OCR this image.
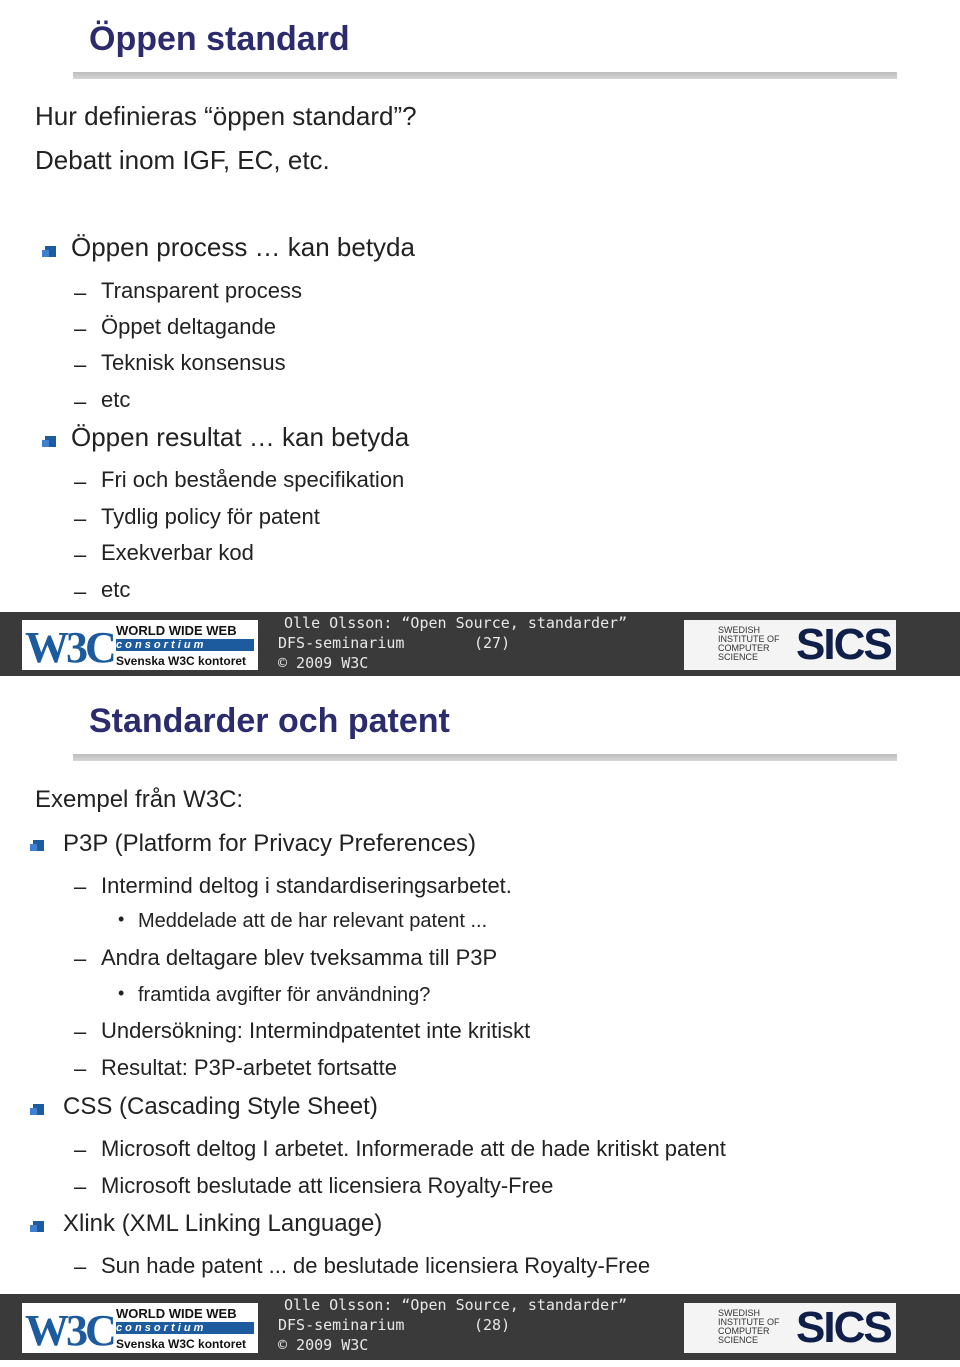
Öppen standard
Hur definieras “öppen standard”?
Debatt inom IGF, EC, etc.
Öppen process … kan betyda
– Transparent process
– Öppet deltagande
– Teknisk konsensus
– etc
Öppen resultat … kan betyda
– Fri och bestående specifikation
– Tydlig policy för patent
– Exekverbar kod
– etc
W3C WORLD WIDE WEB
c o n s o r t i u m
Svenska W3C kontoret
Olle Olsson: “Open Source, standarder”
DFS-seminarium	(27)
© 2009 W3C
SWEDISH
INSTITUTE OF
COMPUTER
SCIENCE SICS
Standarder och patent
Exempel från W3C:
P3P (Platform for Privacy Preferences)
– Intermind deltog i standardiseringsarbetet.
• Meddelade att de har relevant patent ...
– Andra deltagare blev tveksamma till P3P
• framtida avgifter för användning?
– Undersökning: Intermindpatentet inte kritiskt
– Resultat: P3P-arbetet fortsatte
CSS (Cascading Style Sheet)
– Microsoft deltog I arbetet. Informerade att de hade kritiskt patent
– Microsoft beslutade att licensiera Royalty-Free
Xlink (XML Linking Language)
– Sun hade patent ... de beslutade licensiera Royalty-Free
W3C WORLD WIDE WEB
c o n s o r t i u m
Svenska W3C kontoret
Olle Olsson: “Open Source, standarder”
DFS-seminarium	(28)
© 2009 W3C
SWEDISH
INSTITUTE OF
COMPUTER
SCIENCE SICS
